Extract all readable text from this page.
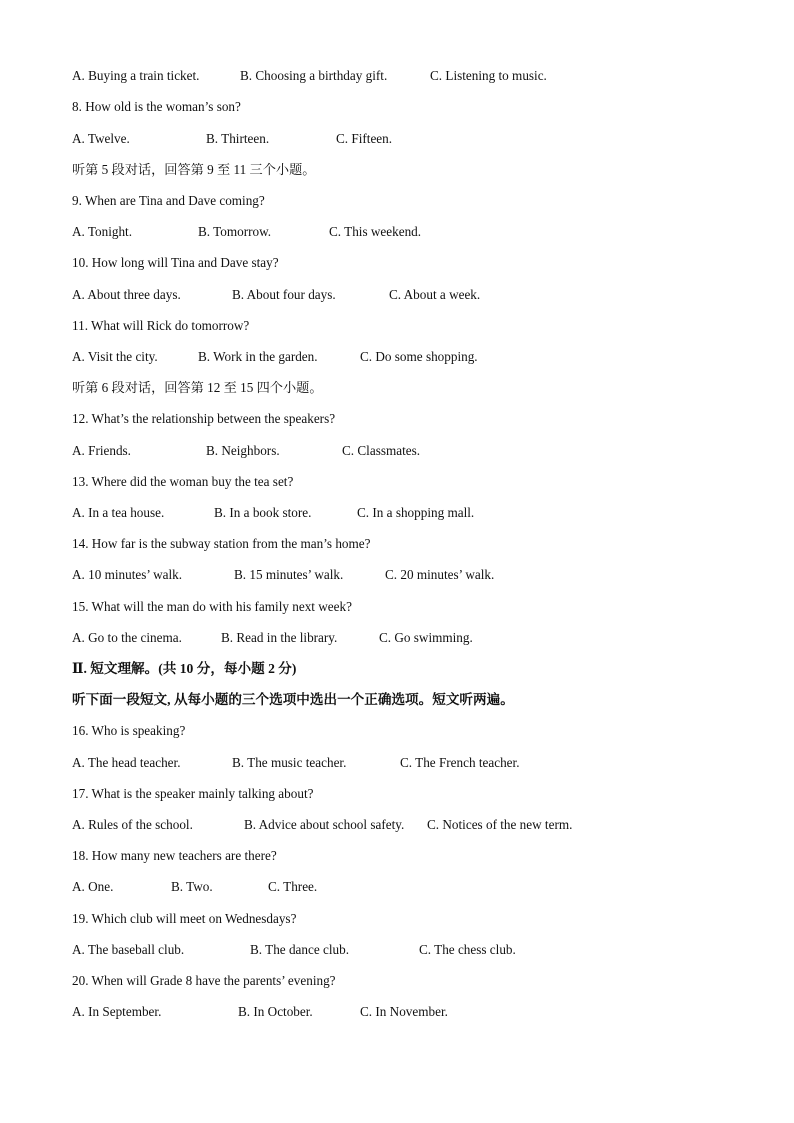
A. Buying a train ticket.	B. Choosing a birthday gift.	C. Listening to music.
8. How old is the woman’s son?
A. Twelve.	B. Thirteen.	C. Fifteen.
听第 5 段对话，回答第 9 至 11 三个小题。
9. When are Tina and Dave coming?
A. Tonight.	B. Tomorrow.	C. This weekend.
10. How long will Tina and Dave stay?
A. About three days.	B. About four days.	C. About a week.
11. What will Rick do tomorrow?
A. Visit the city.	B. Work in the garden.	C. Do some shopping.
听第 6 段对话，回答第 12 至 15 四个小题。
12. What’s the relationship between the speakers?
A. Friends.	B. Neighbors.	C. Classmates.
13. Where did the woman buy the tea set?
A. In a tea house.	B. In a book store.	C. In a shopping mall.
14. How far is the subway station from the man’s home?
A. 10 minutes’ walk.	B. 15 minutes’ walk.	C. 20 minutes’ walk.
15. What will the man do with his family next week?
A. Go to the cinema.	B. Read in the library.	C. Go swimming.
Ⅱ. 短文理解。(共 10 分，每小题 2 分)
听下面一段短文, 从每小题的三个选项中选出一个正确选项。短文听两遍。
16. Who is speaking?
A. The head teacher.	B. The music teacher.	C. The French teacher.
17. What is the speaker mainly talking about?
A. Rules of the school.	B. Advice about school safety. C. Notices of the new term.
18. How many new teachers are there?
A. One.	B. Two.	C. Three.
19. Which club will meet on Wednesdays?
A. The baseball club.	B. The dance club.	C. The chess club.
20. When will Grade 8 have the parents’ evening?
A. In September.	B. In October.	C. In November.
